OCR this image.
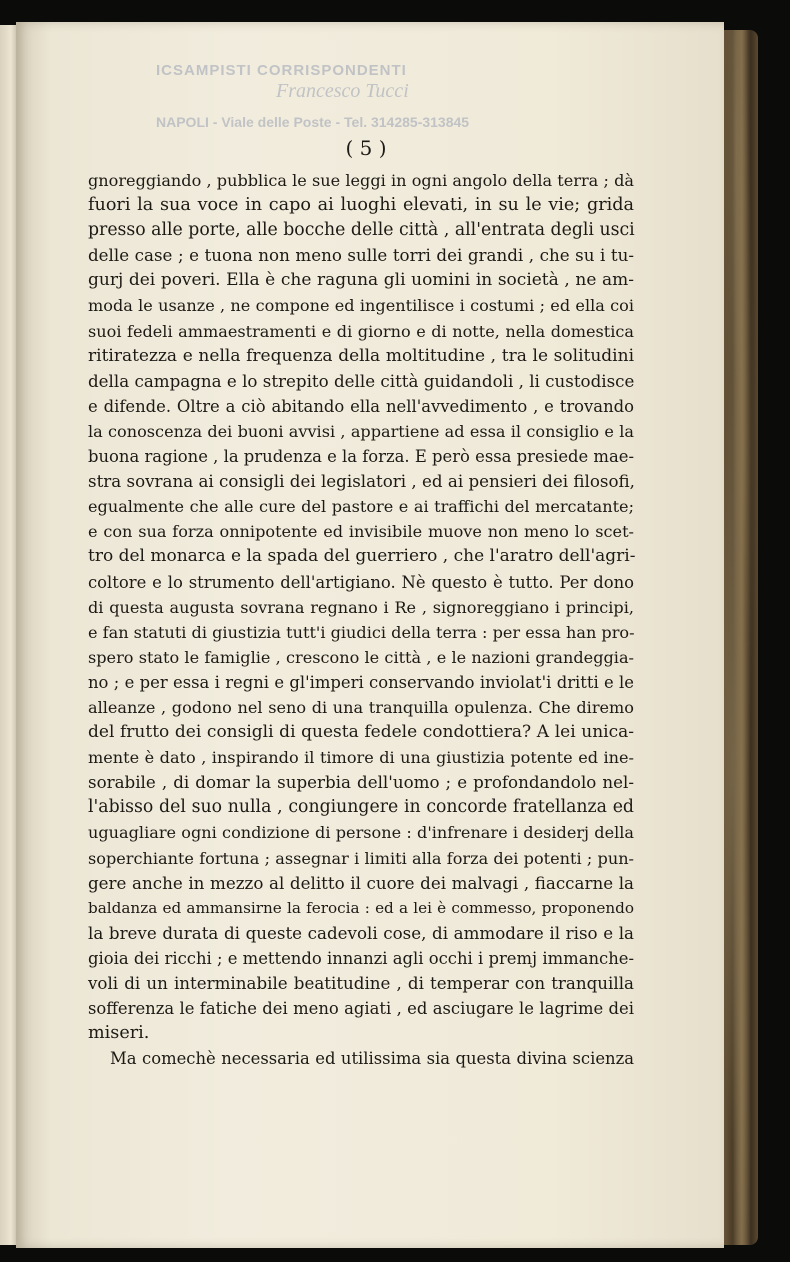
ICSAMPISTI CORRISPONDENTI
Francesco Tucci
NAPOLI - Viale delle Poste - Tel. 314285-313845
( 5 )
gnoreggiando , pubblica le sue leggi in ogni angolo della terra ; dà
fuori la sua voce in capo ai luoghi elevati, in su le vie; grida
presso alle porte, alle bocche delle città , all'entrata degli usci
delle case ; e tuona non meno sulle torri dei grandi , che su i tu-
gurj dei poveri. Ella è che raguna gli uomini in società , ne am-
moda le usanze , ne compone ed ingentilisce i costumi ; ed ella coi
suoi fedeli ammaestramenti e di giorno e di notte, nella domestica
ritiratezza e nella frequenza della moltitudine , tra le solitudini
della campagna e lo strepito delle città guidandoli , li custodisce
e difende. Oltre a ciò abitando ella nell'avvedimento , e trovando
la conoscenza dei buoni avvisi , appartiene ad essa il consiglio e la
buona ragione , la prudenza e la forza. E però essa presiede mae-
stra sovrana ai consigli dei legislatori , ed ai pensieri dei filosofi,
egualmente che alle cure del pastore e ai traffichi del mercatante;
e con sua forza onnipotente ed invisibile muove non meno lo scet-
tro del monarca e la spada del guerriero , che l'aratro dell'agri-
coltore e lo strumento dell'artigiano. Nè questo è tutto. Per dono
di questa augusta sovrana regnano i Re , signoreggiano i principi,
e fan statuti di giustizia tutt'i giudici della terra : per essa han pro-
spero stato le famiglie , crescono le città , e le nazioni grandeggia-
no ; e per essa i regni e gl'imperi conservando inviolat'i dritti e le
alleanze , godono nel seno di una tranquilla opulenza. Che diremo
del frutto dei consigli di questa fedele condottiera? A lei unica-
mente è dato , inspirando il timore di una giustizia potente ed ine-
sorabile , di domar la superbia dell'uomo ; e profondandolo nel-
l'abisso del suo nulla , congiungere in concorde fratellanza ed
uguagliare ogni condizione di persone : d'infrenare i desiderj della
soperchiante fortuna ; assegnar i limiti alla forza dei potenti ; pun-
gere anche in mezzo al delitto il cuore dei malvagi , fiaccarne la
baldanza ed ammansirne la ferocia : ed a lei è commesso, proponendo
la breve durata di queste cadevoli cose, di ammodare il riso e la
gioia dei ricchi ; e mettendo innanzi agli occhi i premj immanche-
voli di un interminabile beatitudine , di temperar con tranquilla
sofferenza le fatiche dei meno agiati , ed asciugare le lagrime dei
miseri.
Ma comechè necessaria ed utilissima sia questa divina scienza
